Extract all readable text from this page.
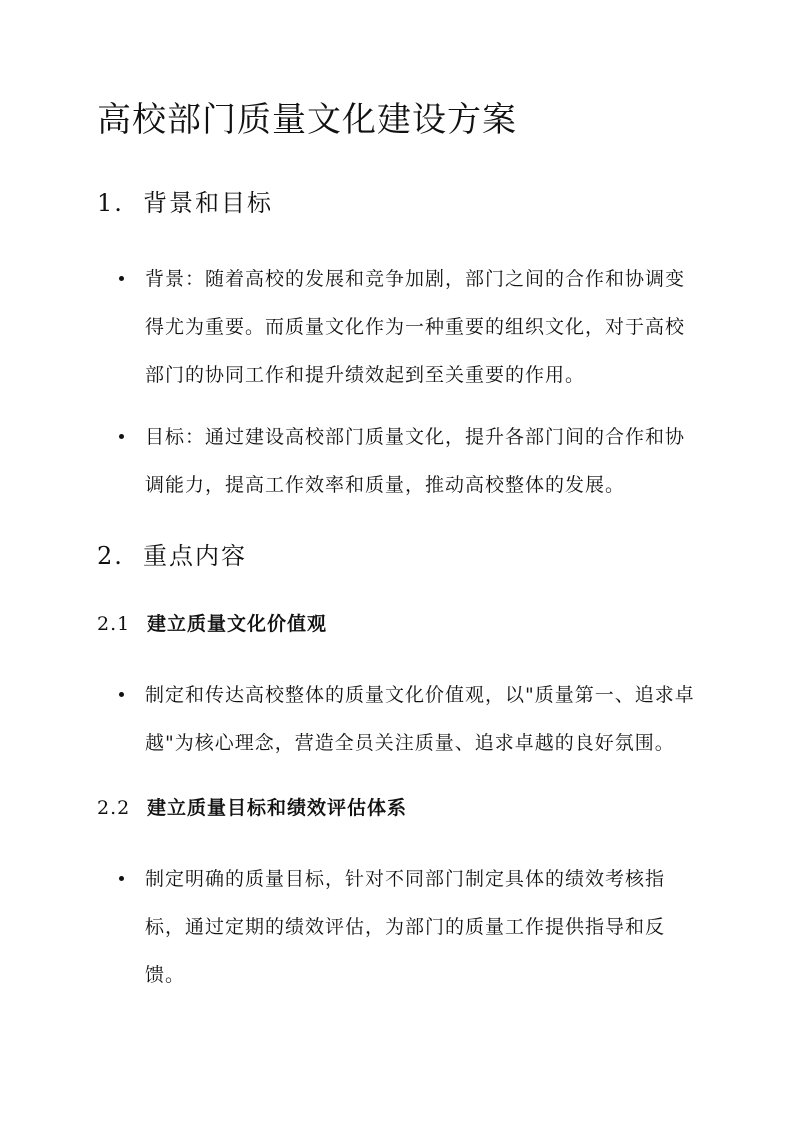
高校部门质量文化建设方案
1. 背景和目标
背景：随着高校的发展和竞争加剧，部门之间的合作和协调变得尤为重要。而质量文化作为一种重要的组织文化，对于高校部门的协同工作和提升绩效起到至关重要的作用。
目标：通过建设高校部门质量文化，提升各部门间的合作和协调能力，提高工作效率和质量，推动高校整体的发展。
2. 重点内容
2.1 建立质量文化价值观
制定和传达高校整体的质量文化价值观，以"质量第一、追求卓越"为核心理念，营造全员关注质量、追求卓越的良好氛围。
2.2 建立质量目标和绩效评估体系
制定明确的质量目标，针对不同部门制定具体的绩效考核指标，通过定期的绩效评估，为部门的质量工作提供指导和反馈。
